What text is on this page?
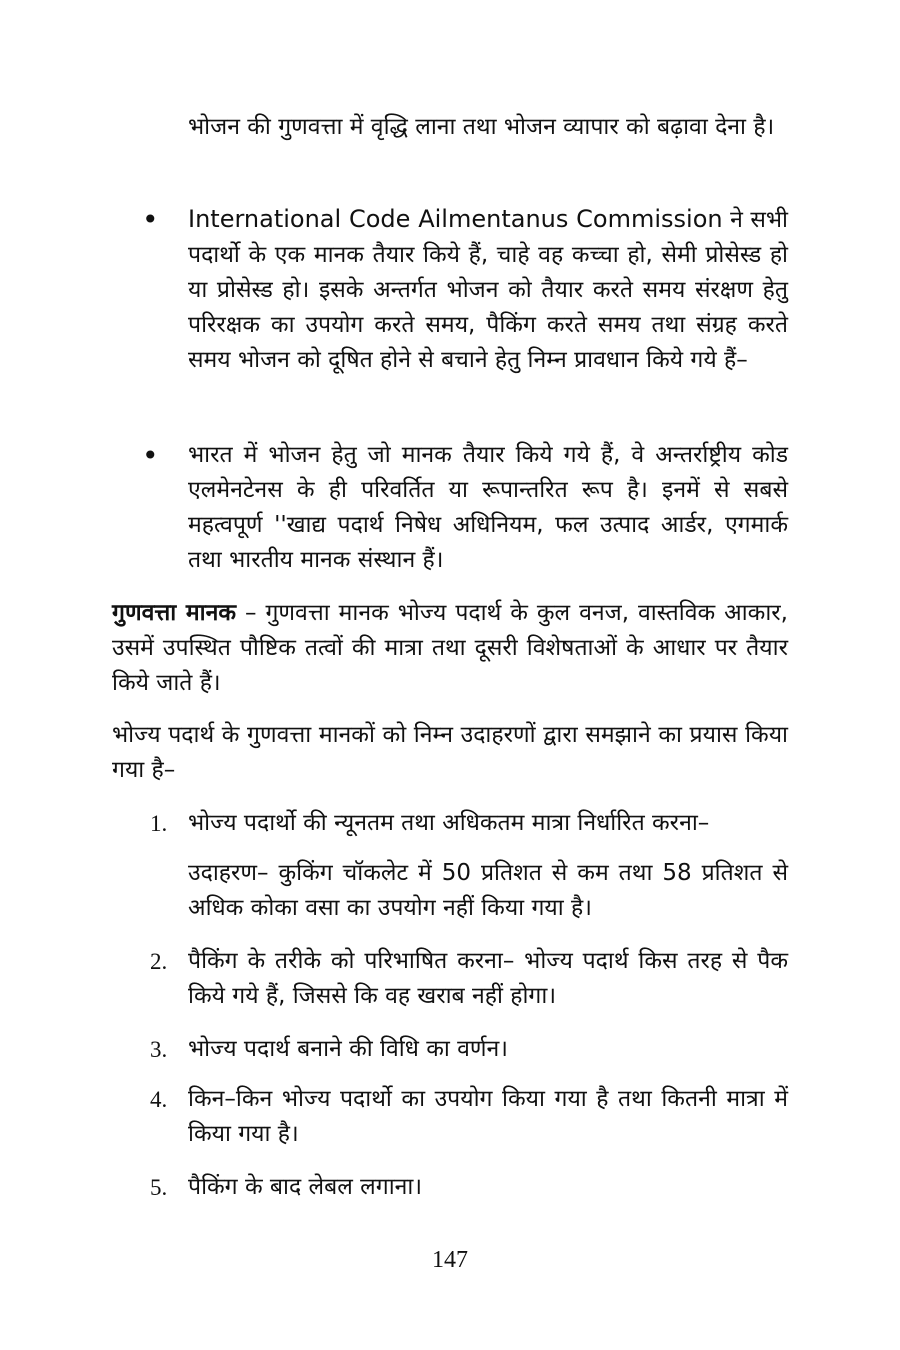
भोजन की गुणवत्ता में वृद्धि लाना तथा भोजन व्यापार को बढ़ावा देना है।

• International Code Ailmentanus Commission ने सभी पदार्थो के एक मानक तैयार किये हैं, चाहे वह कच्चा हो, सेमी प्रोसेस्ड हो या प्रोसेस्ड हो। इसके अन्तर्गत भोजन को तैयार करते समय संरक्षण हेतु परिरक्षक का उपयोग करते समय, पैकिंग करते समय तथा संग्रह करते समय भोजन को दूषित होने से बचाने हेतु निम्न प्रावधान किये गये हैं–

• भारत में भोजन हेतु जो मानक तैयार किये गये हैं, वे अन्तर्राष्ट्रीय कोड एलमेनटेनस के ही परिवर्तित या रूपान्तरित रूप है। इनमें से सबसे महत्वपूर्ण ''खाद्य पदार्थ निषेध अधिनियम, फल उत्पाद आर्डर, एगमार्क तथा भारतीय मानक संस्थान हैं।

गुणवत्ता मानक – गुणवत्ता मानक भोज्य पदार्थ के कुल वनज, वास्तविक आकार, उसमें उपस्थित पौष्टिक तत्वों की मात्रा तथा दूसरी विशेषताओं के आधार पर तैयार किये जाते हैं।

भोज्य पदार्थ के गुणवत्ता मानकों को निम्न उदाहरणों द्वारा समझाने का प्रयास किया गया है–

1. भोज्य पदार्थो की न्यूनतम तथा अधिकतम मात्रा निर्धारित करना–

उदाहरण– कुकिंग चॉकलेट में 50 प्रतिशत से कम तथा 58 प्रतिशत से अधिक कोका वसा का उपयोग नहीं किया गया है।

2. पैकिंग के तरीके को परिभाषित करना– भोज्य पदार्थ किस तरह से पैक किये गये हैं, जिससे कि वह खराब नहीं होगा।

3. भोज्य पदार्थ बनाने की विधि का वर्णन।

4. किन–किन भोज्य पदार्थो का उपयोग किया गया है तथा कितनी मात्रा में किया गया है।

5. पैकिंग के बाद लेबल लगाना।

147
